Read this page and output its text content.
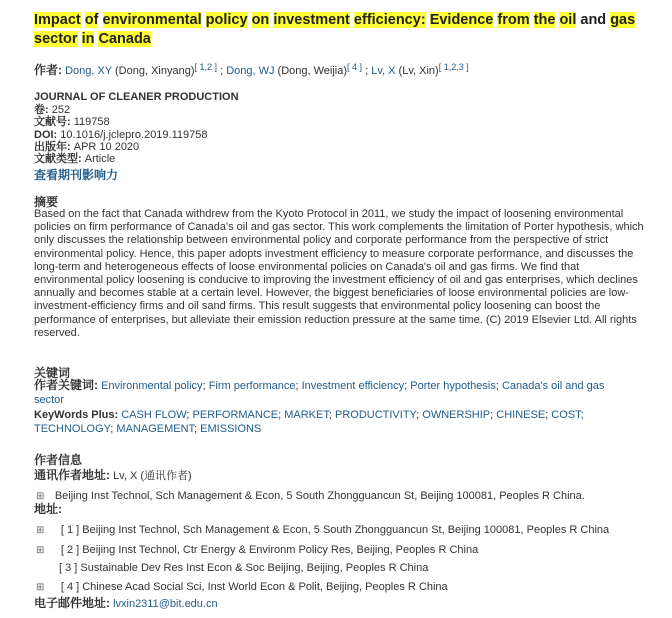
Impact of environmental policy on investment efficiency: Evidence from the oil and gas sector in Canada
作者: Dong, XY (Dong, Xinyang)[ 1,2 ] ; Dong, WJ (Dong, Weijia)[ 4 ] ; Lv, X (Lv, Xin)[ 1,2,3 ]
JOURNAL OF CLEANER PRODUCTION
卷: 252
文献号: 119758
DOI: 10.1016/j.jclepro.2019.119758
出版年: APR 10 2020
文献类型: Article
查看期刊影响力
摘要
Based on the fact that Canada withdrew from the Kyoto Protocol in 2011, we study the impact of loosening environmental policies on firm performance of Canada's oil and gas sector. This work complements the limitation of Porter hypothesis, which only discusses the relationship between environmental policy and corporate performance from the perspective of strict environmental policy. Hence, this paper adopts investment efficiency to measure corporate performance, and discusses the long-term and heterogeneous effects of loose environmental policies on Canada's oil and gas firms. We find that environmental policy loosening is conducive to improving the investment efficiency of oil and gas enterprises, which declines annually and becomes stable at a certain level. However, the biggest beneficiaries of loose environmental policies are low-investment-efficiency firms and oil sand firms. This result suggests that environmental policy loosening can boost the performance of enterprises, but alleviate their emission reduction pressure at the same time. (C) 2019 Elsevier Ltd. All rights reserved.
关键词
作者关键词: Environmental policy; Firm performance; Investment efficiency; Porter hypothesis; Canada's oil and gas sector
KeyWords Plus: CASH FLOW; PERFORMANCE; MARKET; PRODUCTIVITY; OWNERSHIP; CHINESE; COST; TECHNOLOGY; MANAGEMENT; EMISSIONS
作者信息
通讯作者地址: Lv, X (通讯作者)
⊞ Beijing Inst Technol, Sch Management & Econ, 5 South Zhongguancun St, Beijing 100081, Peoples R China.
地址:
⊞ [ 1 ] Beijing Inst Technol, Sch Management & Econ, 5 South Zhongguancun St, Beijing 100081, Peoples R China
⊞ [ 2 ] Beijing Inst Technol, Ctr Energy & Environm Policy Res, Beijing, Peoples R China
[ 3 ] Sustainable Dev Res Inst Econ & Soc Beijing, Beijing, Peoples R China
⊞ [ 4 ] Chinese Acad Social Sci, Inst World Econ & Polit, Beijing, Peoples R China
电子邮件地址: lvxin2311@bit.edu.cn
